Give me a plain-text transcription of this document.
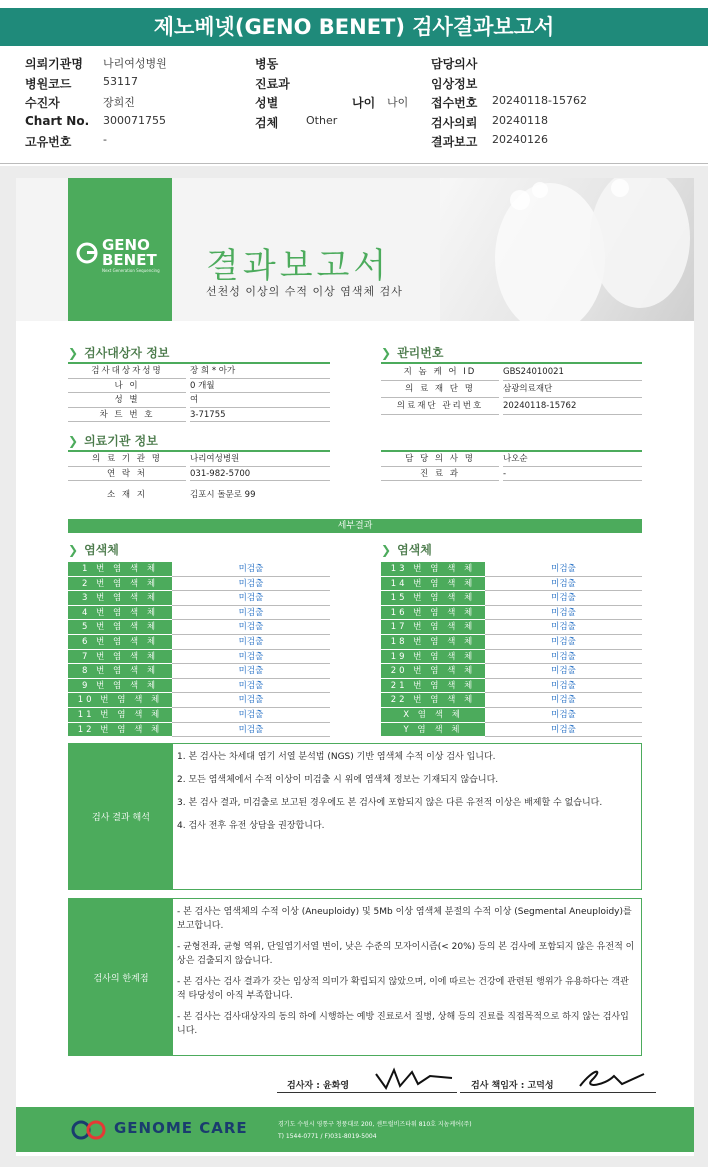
제노베넷(GENO BENET) 검사결과보고서
의뢰기관명 나리여성병원
병원코드	53117
수진자	장희진
Chart No. 300071755
고유번호	-
병동
진료과
성별
검체	Other
담당의사
임상정보
접수번호 20240118-15762
검사의뢰 20240118
결과보고 20240126
나이 나이
GENO
BENET
Next Generation Sequencing 결과보고서
선천성 이상의 수적 이상 염색체 검사
❯ 검사대상자 정보
검사대상자성명	장 희 * 아가
나 이	0 개월
성 별	여
차 트 번 호	3-71755
❯ 관리번호
지 놈 케 어 ID	GBS24010021
의 료 재 단 명	삼광의료재단
의료재단 관리번호	20240118-15762
❯ 의료기관 정보
의 료 기 관 명	나리여성병원
연 락 처	031-982-5700
소 재 지	김포시 돌문로 99
담 당 의 사 명	나오순
진 료 과	-
세부결과
❯ 염색체	❯ 염색체
1 번 염 색 체	미검출
2 번 염 색 체	미검출
3 번 염 색 체	미검출
4 번 염 색 체	미검출
5 번 염 색 체	미검출
6 번 염 색 체	미검출
7 번 염 색 체	미검출
8 번 염 색 체	미검출
9 번 염 색 체	미검출
10 번 염 색 체	미검출
11 번 염 색 체	미검출
12 번 염 색 체	미검출
13 번 염 색 체	미검출
14 번 염 색 체	미검출
15 번 염 색 체	미검출
16 번 염 색 체	미검출
17 번 염 색 체	미검출
18 번 염 색 체	미검출
19 번 염 색 체	미검출
20 번 염 색 체	미검출
21 번 염 색 체	미검출
22 번 염 색 체	미검출
X 염 색 체	미검출
Y 염 색 체	미검출
검사 결과 해석

1. 본 검사는 차세대 염기 서열 분석법 (NGS) 기반 염색체 수적 이상 검사 입니다.

2. 모든 염색체에서 수적 이상이 미검출 시 위에 염색체 정보는 기재되지 않습니다.

3. 본 검사 결과, 미검출로 보고된 경우에도 본 검사에 포함되지 않은 다른 유전적 이상은 배제할 수 없습니다.

4. 검사 전후 유전 상담을 권장합니다.

검사의 한계점

- 본 검사는 염색체의 수적 이상 (Aneuploidy) 및 5Mb 이상 염색체 분절의 수적 이상 (Segmental Aneuploidy)를 보고합니다.

- 균형전좌, 균형 역위, 단일염기서열 변이, 낮은 수준의 모자이시즘(< 20%) 등의 본 검사에 포함되지 않은 유전적 이상은 검출되지 않습니다.

- 본 검사는 검사 결과가 갖는 임상적 의미가 확립되지 않았으며, 이에 따르는 건강에 관련된 행위가 유용하다는 객관적 타당성이 아직 부족합니다.

- 본 검사는 검사대상자의 동의 하에 시행하는 예방 진료로서 질병, 상해 등의 진료를 직접목적으로 하지 않는 검사입니다.

검사자 : 윤화영	검사 책임자 : 고덕성
GENOME CARE	경기도 수원시 영통구 청풍대로 200, 센트럴비즈타워 810호 지놈케어(주)
T) 1544-0771 / F)031-8019-5004
